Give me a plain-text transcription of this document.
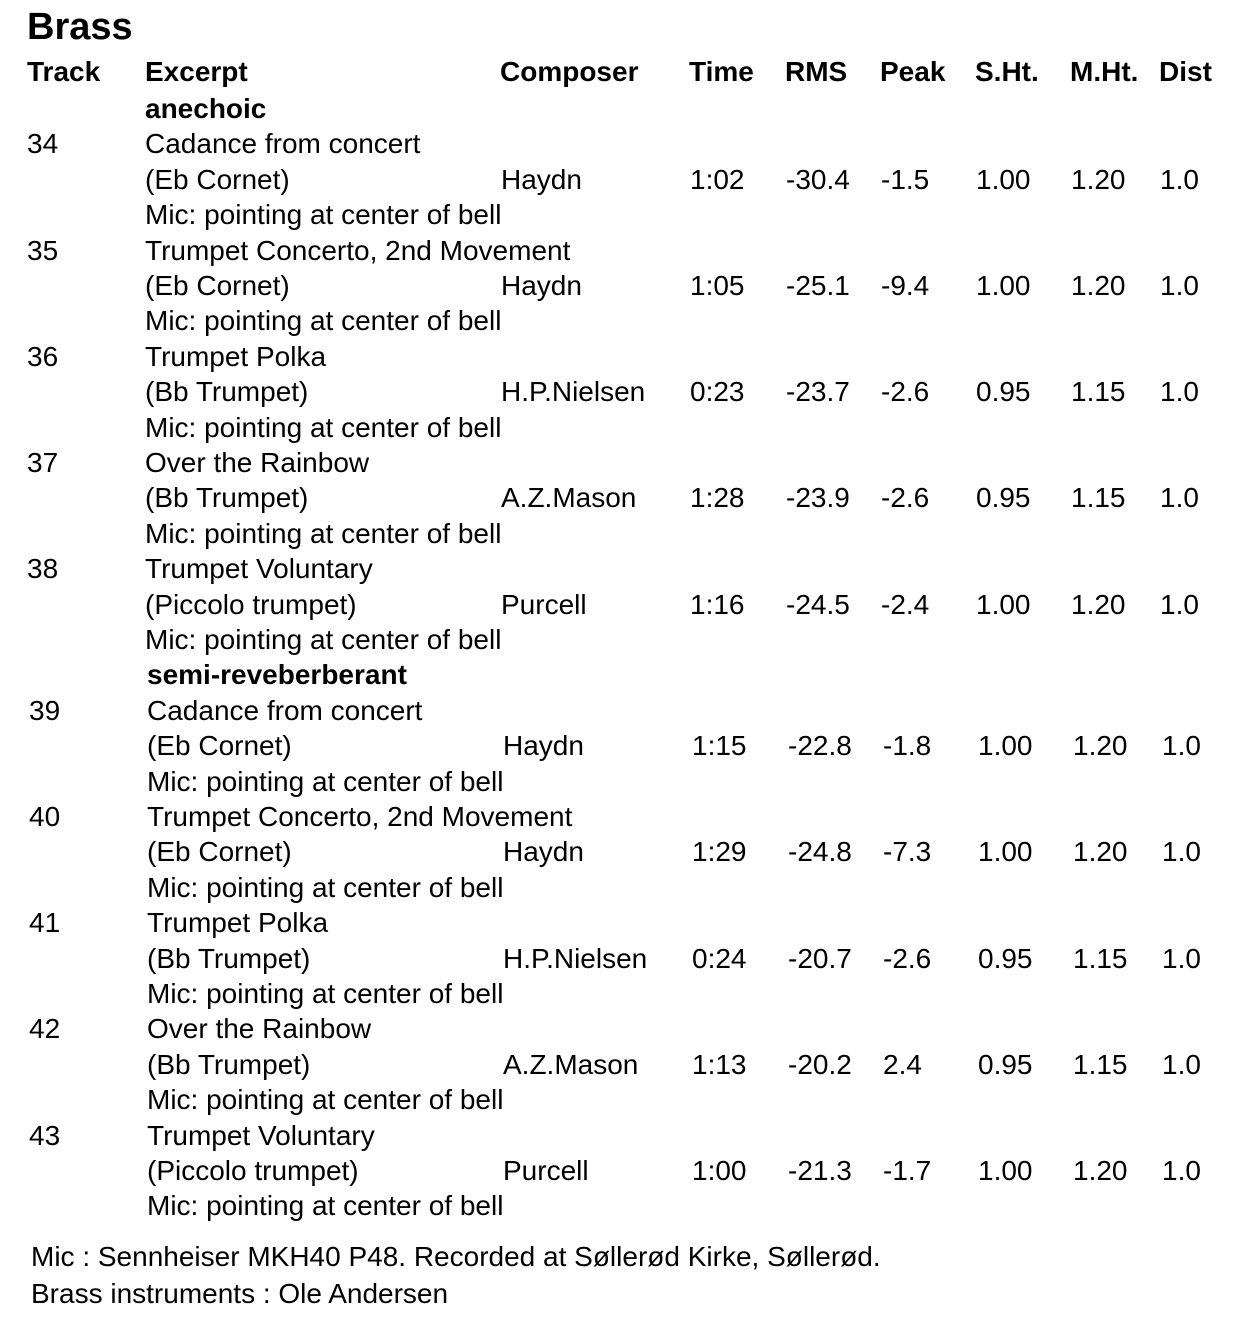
Brass
Track Excerpt	Composer Time RMS Peak S.Ht. M.Ht. Dist
anechoic
34	Cadance from concert
(Eb Cornet)	Haydn	1:02 -30.4 -1.5 1.00 1.20 1.0
Mic: pointing at center of bell
35	Trumpet Concerto, 2nd Movement
(Eb Cornet)	Haydn	1:05 -25.1 -9.4 1.00 1.20 1.0
Mic: pointing at center of bell
36	Trumpet Polka
(Bb Trumpet)	H.P.Nielsen 0:23 -23.7 -2.6 0.95 1.15 1.0
Mic: pointing at center of bell
37	Over the Rainbow
(Bb Trumpet)	A.Z.Mason 1:28 -23.9 -2.6 0.95 1.15 1.0
Mic: pointing at center of bell
38	Trumpet Voluntary
(Piccolo trumpet)	Purcell	1:16 -24.5 -2.4 1.00 1.20 1.0
Mic: pointing at center of bell
semi-reveberberant
39	Cadance from concert
(Eb Cornet)	Haydn	1:15 -22.8 -1.8 1.00 1.20 1.0
Mic: pointing at center of bell
40	Trumpet Concerto, 2nd Movement
(Eb Cornet)	Haydn	1:29 -24.8 -7.3 1.00 1.20 1.0
Mic: pointing at center of bell
41	Trumpet Polka
(Bb Trumpet)	H.P.Nielsen 0:24 -20.7 -2.6 0.95 1.15 1.0
Mic: pointing at center of bell
42	Over the Rainbow
(Bb Trumpet)	A.Z.Mason 1:13 -20.2 2.4 0.95 1.15 1.0
Mic: pointing at center of bell
43	Trumpet Voluntary
(Piccolo trumpet)	Purcell	1:00 -21.3 -1.7 1.00 1.20 1.0
Mic: pointing at center of bell
Mic : Sennheiser MKH40 P48. Recorded at Søllerød Kirke, Søllerød.
Brass instruments : Ole Andersen
